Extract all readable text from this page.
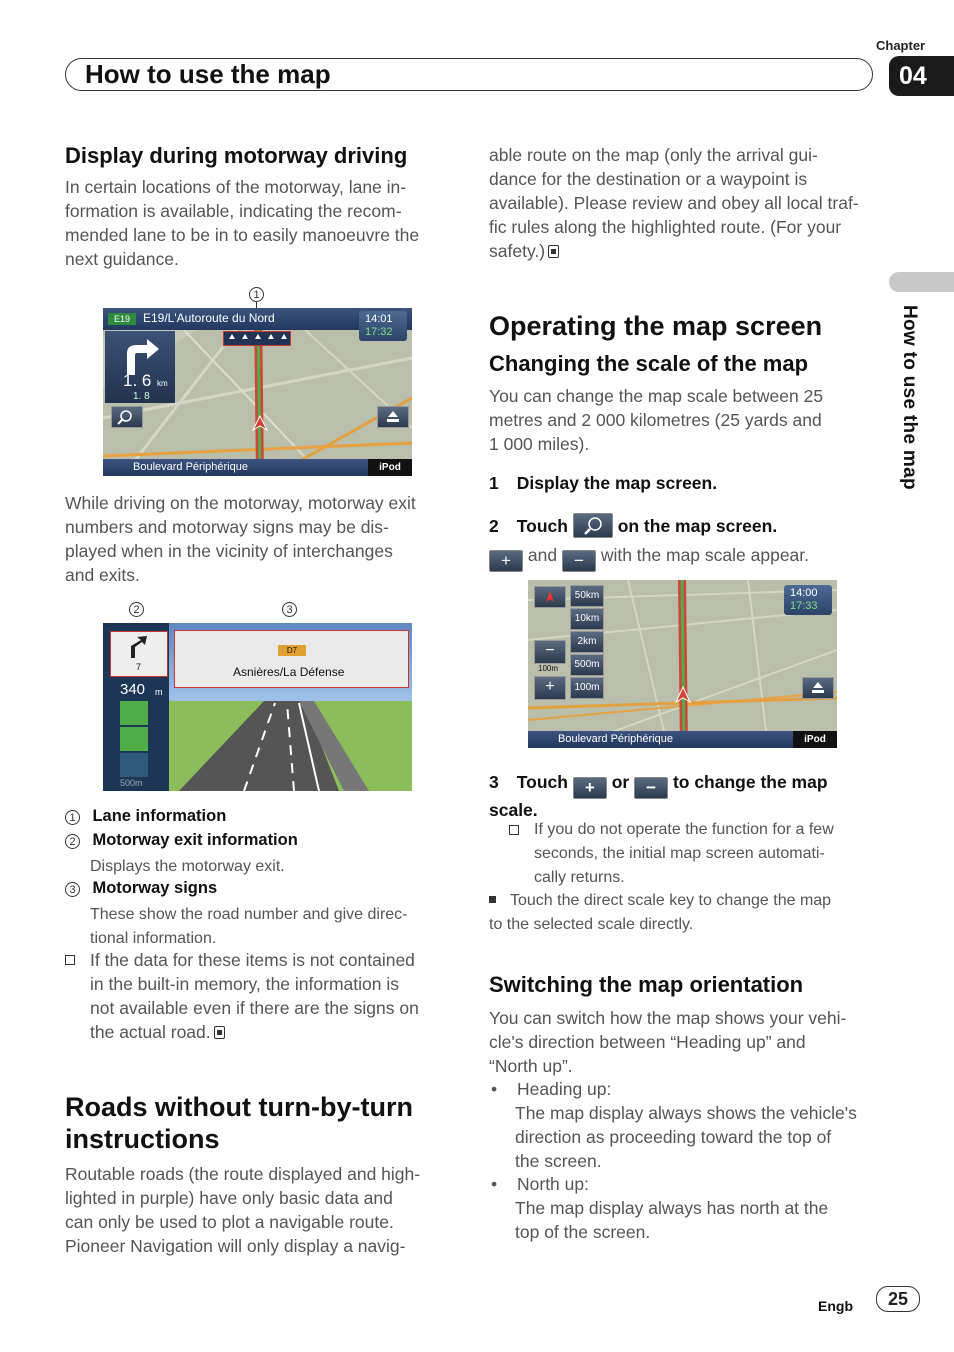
Chapter
04
How to use the map
How to use the map
Display during motorway driving
In certain locations of the motorway, lane in-
formation is available, indicating the recom-
mended lane to be in to easily manoeuvre the
next guidance.
1
E19	E19/L'Autoroute du Nord
1. 6 km
1. 8
14:01
17:32
Boulevard Périphérique	iPod
While driving on the motorway, motorway exit
numbers and motorway signs may be dis-
played when in the vicinity of interchanges
and exits.
2	3
7
340 m
500m
D7
Asnières/La Défense
1 Lane information
2 Motorway exit information
Displays the motorway exit.
3 Motorway signs
These show the road number and give direc-
tional information.
If the data for these items is not contained
in the built-in memory, the information is
not available even if there are the signs on
the actual road.
Roads without turn-by-turn
instructions
Routable roads (the route displayed and high-
lighted in purple) have only basic data and
can only be used to plot a navigable route.
Pioneer Navigation will only display a navig-
able route on the map (only the arrival gui-
dance for the destination or a waypoint is
available). Please review and obey all local traf-
fic rules along the highlighted route. (For your
safety.)
Operating the map screen
Changing the scale of the map
You can change the map scale between 25
metres and 2 000 kilometres (25 yards and
1 000 miles).
1 Display the map screen.
2 Touch	on the map screen.
+ and − with the map scale appear.
50km
10km
2km
500m
100m
−
100m
+
14:00
17:33
Boulevard Périphérique	iPod
3 Touch + or − to change the map
scale.
If you do not operate the function for a few
seconds, the initial map screen automati-
cally returns.
Touch the direct scale key to change the map
to the selected scale directly.
Switching the map orientation
You can switch how the map shows your vehi-
cle's direction between “Heading up” and
“North up”.
• Heading up:
The map display always shows the vehicle's
direction as proceeding toward the top of
the screen.
• North up:
The map display always has north at the
top of the screen.
Engb	25
